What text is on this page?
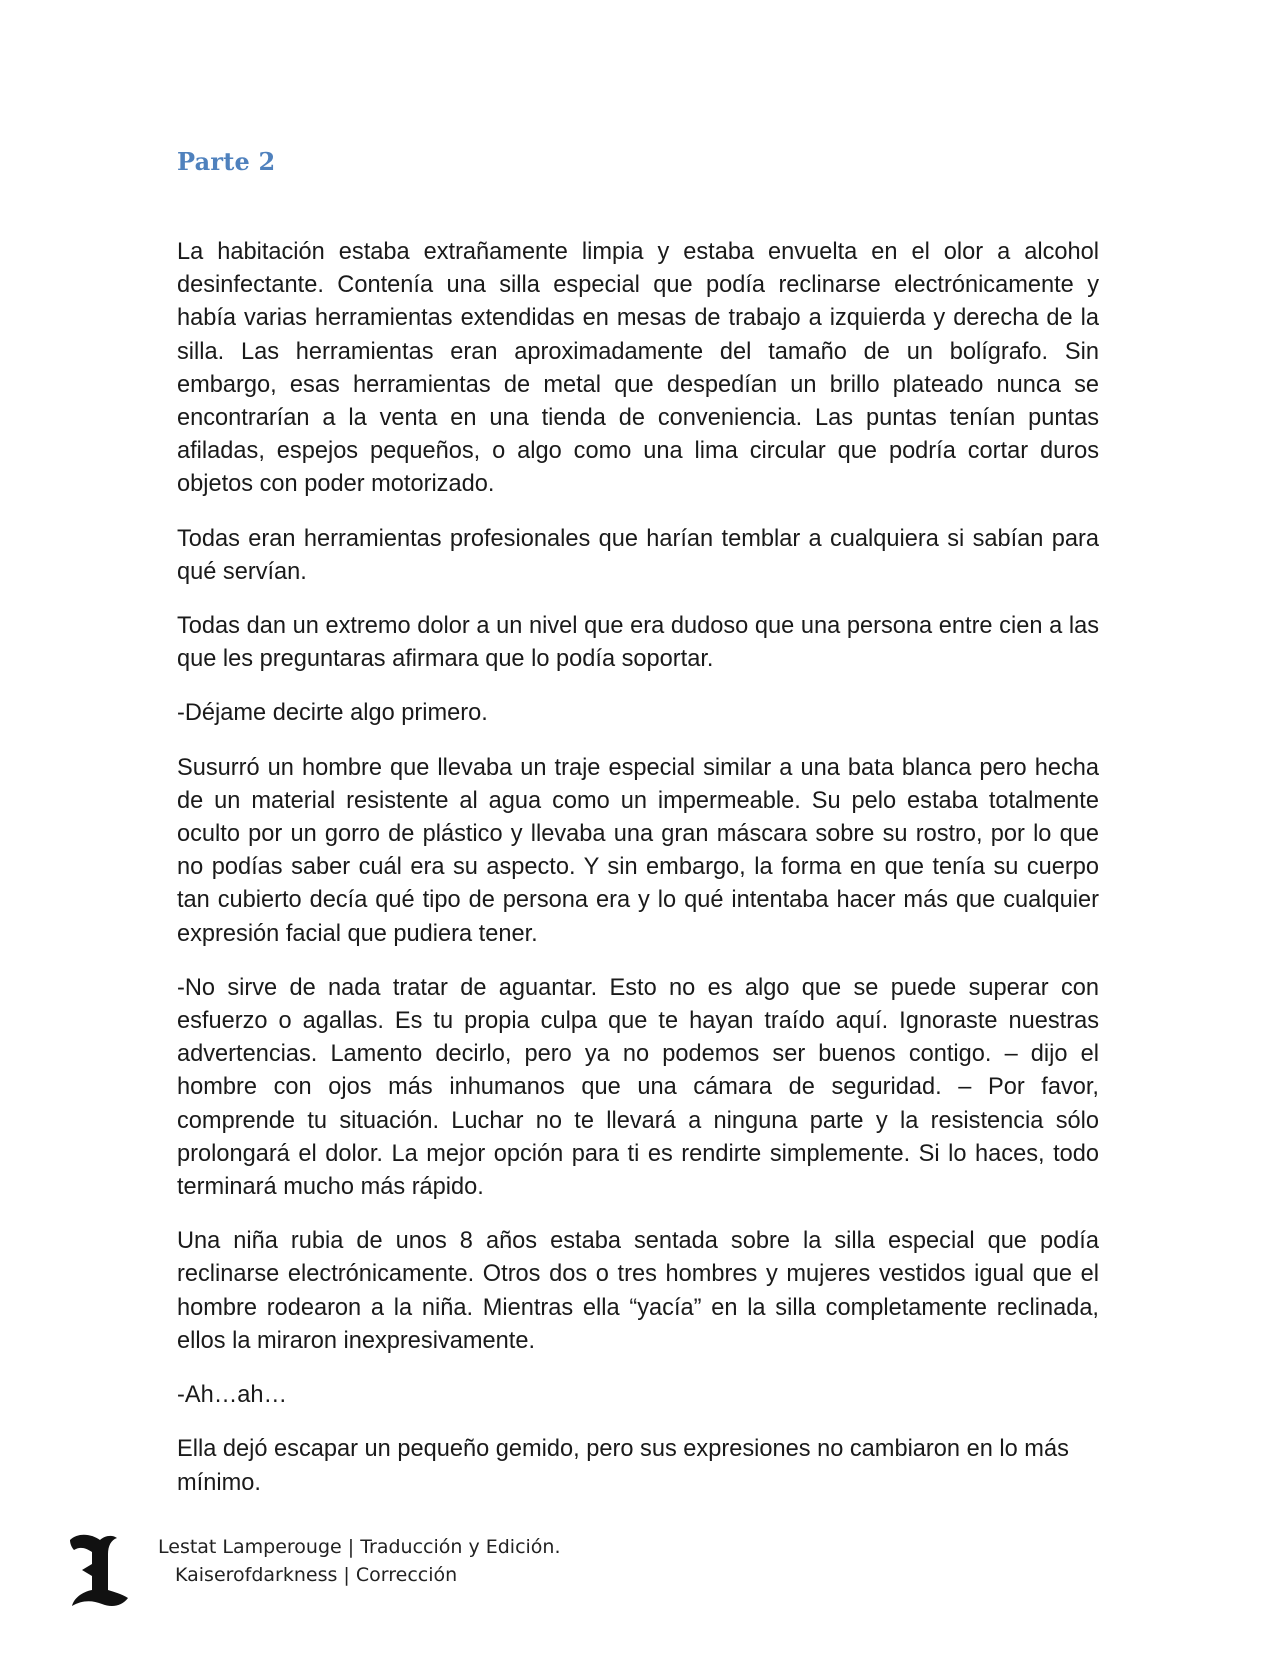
Parte 2

La habitación estaba extrañamente limpia y estaba envuelta en el olor a alcohol desinfectante. Contenía una silla especial que podía reclinarse electrónicamente y había varias herramientas extendidas en mesas de trabajo a izquierda y derecha de la silla. Las herramientas eran aproximadamente del tamaño de un bolígrafo. Sin embargo, esas herramientas de metal que despedían un brillo plateado nunca se encontrarían a la venta en una tienda de conveniencia. Las puntas tenían puntas afiladas, espejos pequeños, o algo como una lima circular que podría cortar duros objetos con poder motorizado.

Todas eran herramientas profesionales que harían temblar a cualquiera si sabían para qué servían.

Todas dan un extremo dolor a un nivel que era dudoso que una persona entre cien a las que les preguntaras afirmara que lo podía soportar.

-Déjame decirte algo primero.

Susurró un hombre que llevaba un traje especial similar a una bata blanca pero hecha de un material resistente al agua como un impermeable. Su pelo estaba totalmente oculto por un gorro de plástico y llevaba una gran máscara sobre su rostro, por lo que no podías saber cuál era su aspecto. Y sin embargo, la forma en que tenía su cuerpo tan cubierto decía qué tipo de persona era y lo qué intentaba hacer más que cualquier expresión facial que pudiera tener.

-No sirve de nada tratar de aguantar. Esto no es algo que se puede superar con esfuerzo o agallas. Es tu propia culpa que te hayan traído aquí. Ignoraste nuestras advertencias. Lamento decirlo, pero ya no podemos ser buenos contigo. – dijo el hombre con ojos más inhumanos que una cámara de seguridad. – Por favor, comprende tu situación. Luchar no te llevará a ninguna parte y la resistencia sólo prolongará el dolor. La mejor opción para ti es rendirte simplemente. Si lo haces, todo terminará mucho más rápido.

Una niña rubia de unos 8 años estaba sentada sobre la silla especial que podía reclinarse electrónicamente. Otros dos o tres hombres y mujeres vestidos igual que el hombre rodearon a la niña. Mientras ella “yacía” en la silla completamente reclinada, ellos la miraron inexpresivamente.

-Ah…ah…

Ella dejó escapar un pequeño gemido, pero sus expresiones no cambiaron en lo más mínimo.

Lestat Lamperouge | Traducción y Edición.
Kaiserofdarkness | Corrección
